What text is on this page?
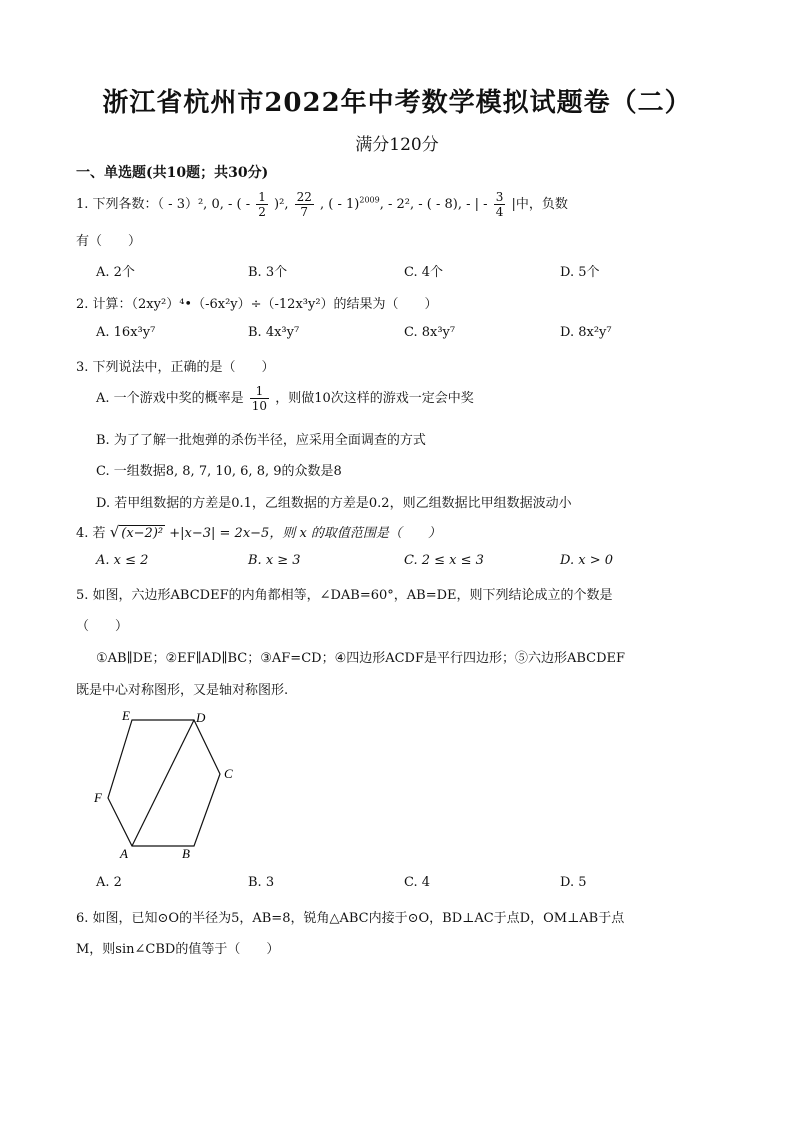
浙江省杭州市2022年中考数学模拟试题卷（二）
满分120分
一、单选题(共10题；共30分)
1. 下列各数：（ - 3）², 0, - ( - $\frac{1}{2} )^2$, $\frac{22}{7}$ , ( - 1)$^{2009}$, - 2², - ( - 8), - | - $\frac{3}{4}$ |中，负数
有（　　）
A. 2个	B. 3个	C. 4个	D. 5个
2. 计算：（2xy²）⁴•（-6x²y）÷（-12x³y²）的结果为（　　）
A. 16x³y⁷	B. 4x³y⁷	C. 8x³y⁷	D. 8x²y⁷
3. 下列说法中，正确的是（　　）
A. 一个游戏中奖的概率是 $\frac{1}{10}$ ，则做10次这样的游戏一定会中奖
B. 为了了解一批炮弹的杀伤半径，应采用全面调查的方式
C. 一组数据8, 8, 7, 10, 6, 8, 9的众数是8
D. 若甲组数据的方差是0.1，乙组数据的方差是0.2，则乙组数据比甲组数据波动小
4. 若 √ (x−2)² +|x−3| = 2x−5，则 x 的取值范围是（　　）
A. x ≤ 2	B. x ≥ 3	C. 2 ≤ x ≤ 3	D. x > 0
5. 如图，六边形ABCDEF的内角都相等，∠DAB=60°，AB=DE，则下列结论成立的个数是
（　　）
①AB∥DE；②EF∥AD∥BC；③AF=CD；④四边形ACDF是平行四边形；⑤六边形ABCDEF
既是中心对称图形，又是轴对称图形.
E	D
C
F
A	B
A. 2	B. 3	C. 4	D. 5
6. 如图，已知⊙O的半径为5，AB=8，锐角△ABC内接于⊙O，BD⊥AC于点D，OM⊥AB于点
M，则sin∠CBD的值等于（　　）
